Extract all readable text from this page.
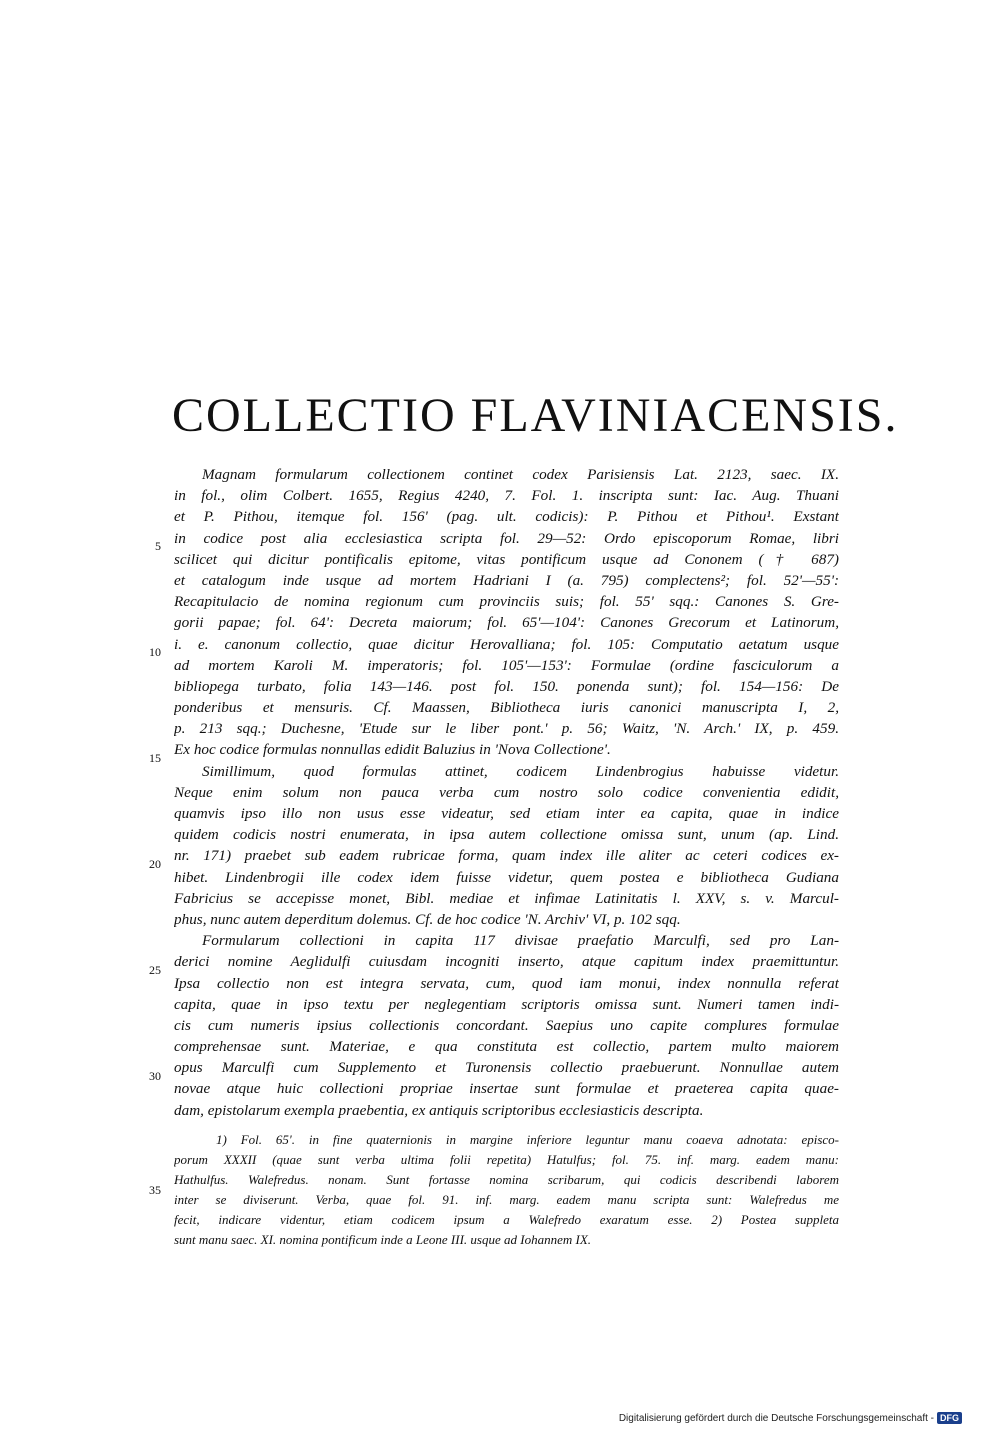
COLLECTIO FLAVINIACENSIS.
Magnam formularum collectionem continet codex Parisiensis Lat. 2123, saec. IX.
in fol., olim Colbert. 1655, Regius 4240, 7. Fol. 1. inscripta sunt: Iac. Aug. Thuani
et P. Pithou, itemque fol. 156' (pag. ult. codicis): P. Pithou et Pithou¹. Exstant
in codice post alia ecclesiastica scripta fol. 29—52: Ordo episcoporum Romae, libri
scilicet qui dicitur pontificalis epitome, vitas pontificum usque ad Cononem († 687)
et catalogum inde usque ad mortem Hadriani I (a. 795) complectens²; fol. 52'—55':
Recapitulacio de nomina regionum cum provinciis suis; fol. 55' sqq.: Canones S. Gre-
gorii papae; fol. 64': Decreta maiorum; fol. 65'—104': Canones Grecorum et Latinorum,
i. e. canonum collectio, quae dicitur Herovalliana; fol. 105: Computatio aetatum usque
ad mortem Karoli M. imperatoris; fol. 105'—153': Formulae (ordine fasciculorum a
bibliopega turbato, folia 143—146. post fol. 150. ponenda sunt); fol. 154—156: De
ponderibus et mensuris. Cf. Maassen, Bibliotheca iuris canonici manuscripta I, 2,
p. 213 sqq.; Duchesne, 'Etude sur le liber pont.' p. 56; Waitz, 'N. Arch.' IX, p. 459.
Ex hoc codice formulas nonnullas edidit Baluzius in 'Nova Collectione'.
Simillimum, quod formulas attinet, codicem Lindenbrogius habuisse videtur.
Neque enim solum non pauca verba cum nostro solo codice convenientia edidit,
quamvis ipso illo non usus esse videatur, sed etiam inter ea capita, quae in indice
quidem codicis nostri enumerata, in ipsa autem collectione omissa sunt, unum (ap. Lind.
nr. 171) praebet sub eadem rubricae forma, quam index ille aliter ac ceteri codices ex-
hibet. Lindenbrogii ille codex idem fuisse videtur, quem postea e bibliotheca Gudiana
Fabricius se accepisse monet, Bibl. mediae et infimae Latinitatis l. XXV, s. v. Marcul-
phus, nunc autem deperditum dolemus. Cf. de hoc codice 'N. Archiv' VI, p. 102 sqq.
Formularum collectioni in capita 117 divisae praefatio Marculfi, sed pro Lan-
derici nomine Aeglidulfi cuiusdam incogniti inserto, atque capitum index praemittuntur.
Ipsa collectio non est integra servata, cum, quod iam monui, index nonnulla referat
capita, quae in ipso textu per neglegentiam scriptoris omissa sunt. Numeri tamen indi-
cis cum numeris ipsius collectionis concordant. Saepius uno capite complures formulae
comprehensae sunt. Materiae, e qua constituta est collectio, partem multo maiorem
opus Marculfi cum Supplemento et Turonensis collectio praebuerunt. Nonnullae autem
novae atque huic collectioni propriae insertae sunt formulae et praeterea capita quae-
dam, epistolarum exempla praebentia, ex antiquis scriptoribus ecclesiasticis descripta.
5
10
15
20
25
30
35
1) Fol. 65'. in fine quaternionis in margine inferiore leguntur manu coaeva adnotata: episco-
porum XXXII (quae sunt verba ultima folii repetita) Hatulfus; fol. 75. inf. marg. eadem manu:
Hathulfus. Walefredus. nonam. Sunt fortasse nomina scribarum, qui codicis describendi laborem
inter se diviserunt. Verba, quae fol. 91. inf. marg. eadem manu scripta sunt: Walefredus me
fecit, indicare videntur, etiam codicem ipsum a Walefredo exaratum esse. 2) Postea suppleta
sunt manu saec. XI. nomina pontificum inde a Leone III. usque ad Iohannem IX.
Digitalisierung gefördert durch die Deutsche Forschungsgemeinschaft - DFG
